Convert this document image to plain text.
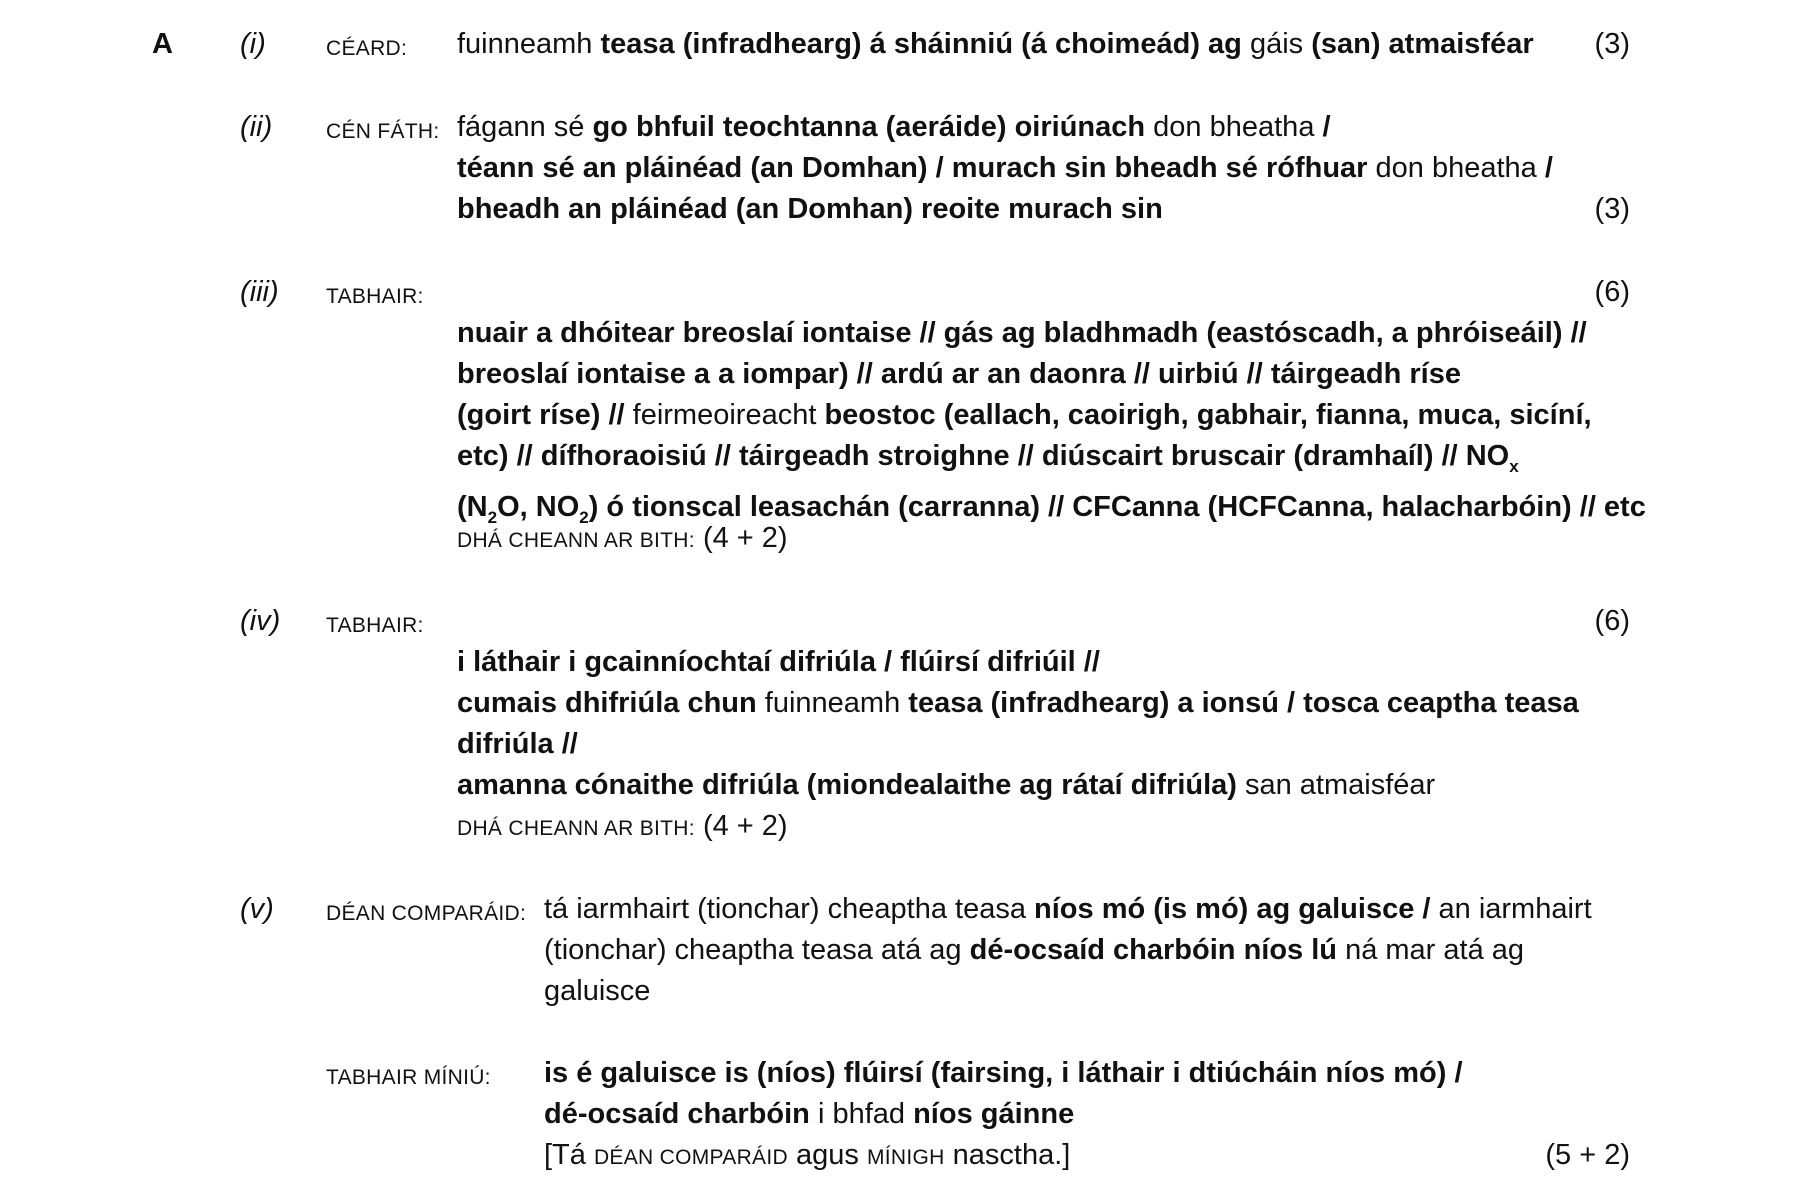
A (i)	CÉARD: fuinneamh teasa (infradhearg) á sháinniú (á choimeád) ag gáis (san) atmaisféar (3)
(ii)	CÉN FÁTH: fágann sé go bhfuil teochtanna (aeráide) oiriúnach don bheatha /
téann sé an pláinéad (an Domhan) / murach sin bheadh sé rófhuar don bheatha /
bheadh an pláinéad (an Domhan) reoite murach sin	(3)
(iii) TABHAIR:	(6)
nuair a dhóitear breoslaí iontaise // gás ag bladhmadh (eastóscadh, a phróiseáil) //
breoslaí iontaise a a iompar) // ardú ar an daonra // uirbiú // táirgeadh ríse
(goirt ríse) // feirmeoireacht beostoc (eallach, caoirigh, gabhair, fianna, muca, sicíní,
etc) // dífhoraoisiú // táirgeadh stroighne // diúscairt bruscair (dramhaíl) // $NO_x$
($N_2O$, $NO_2$) ó tionscal leasachán (carranna) // CFCanna (HCFCanna, halacharbóin) // etc
DHÁ CHEANN AR BITH: (4 + 2)
(iv) TABHAIR:	(6)
i láthair i gcainníochtaí difriúla / flúirsí difriúil //
cumais dhifriúla chun fuinneamh teasa (infradhearg) a ionsú / tosca ceaptha teasa
difriúla //
amanna cónaithe difriúla (miondealaithe ag rátaí difriúla) san atmaisféar
DHÁ CHEANN AR BITH: (4 + 2)
(v) DÉAN COMPARÁID: tá iarmhairt (tionchar) cheaptha teasa níos mó (is mó) ag galuisce / an iarmhairt
(tionchar) cheaptha teasa atá ag dé-ocsaíd charbóin níos lú ná mar atá ag
galuisce
TABHAIR MÍNIÚ: is é galuisce is (níos) flúirsí (fairsing, i láthair i dtiúcháin níos mó) /
dé-ocsaíd charbóin i bhfad níos gáinne
[Tá DÉAN COMPARÁID agus MÍNIGH nasctha.]	(5 + 2)
